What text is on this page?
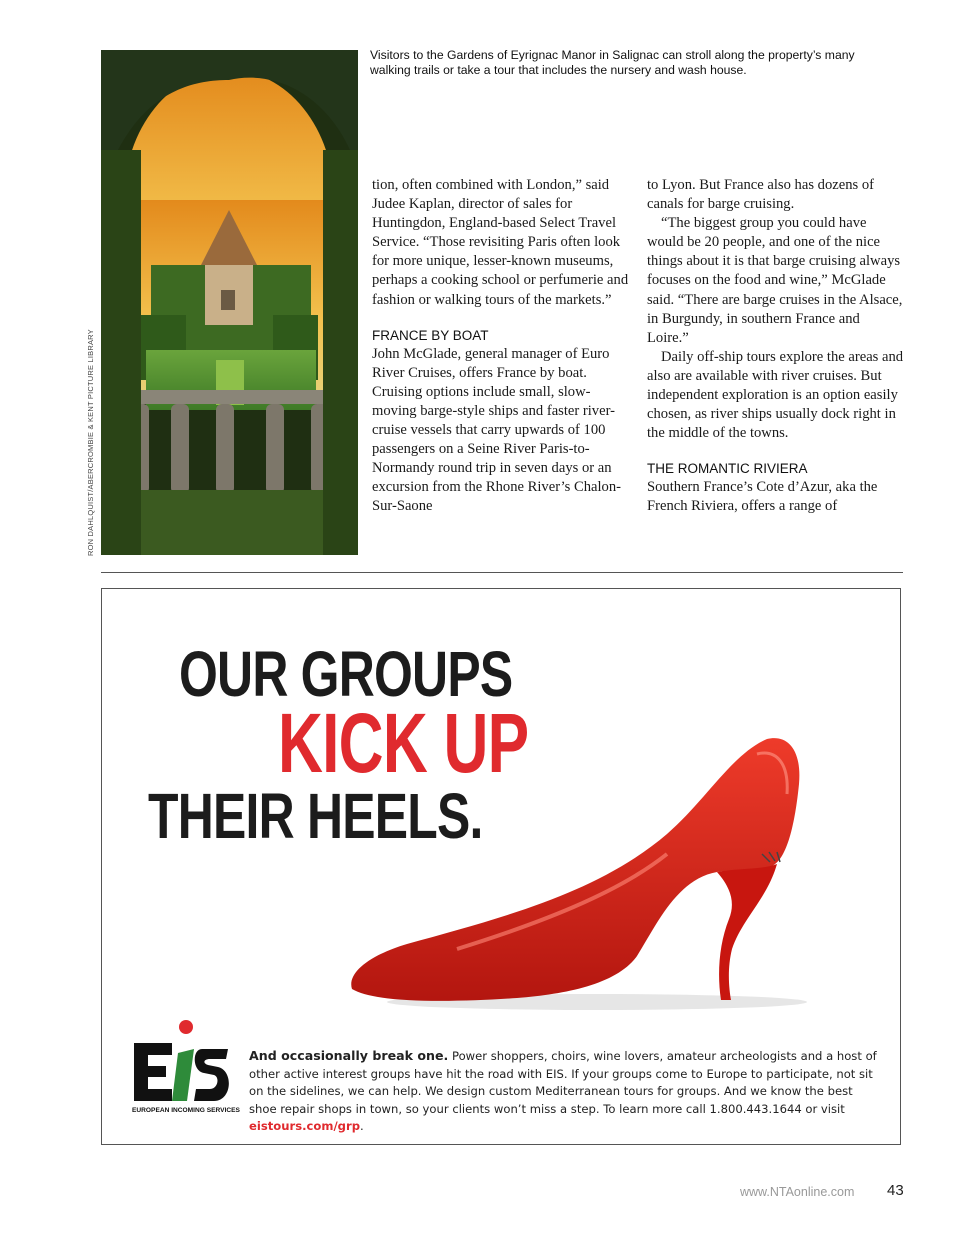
RON DAHLQUIST/ABERCROMBIE & KENT PICTURE LIBRARY
Visitors to the Gardens of Eyrignac Manor in Salignac can stroll along the property’s many walking trails or take a tour that includes the nursery and wash house.

tion, often combined with London,” said Judee Kaplan, director of sales for Huntingdon, England-based Select Travel Service. “Those revisiting Paris often look for more unique, lesser-known museums, perhaps a cooking school or perfumerie and fashion or walking tours of the markets.”

FRANCE BY BOAT

John McGlade, general manager of Euro River Cruises, offers France by boat. Cruising options include small, slow-moving barge-style ships and faster river-cruise vessels that carry upwards of 100 passengers on a Seine River Paris-to-Normandy round trip in seven days or an excursion from the Rhone River’s Chalon-Sur-Saone

to Lyon. But France also has dozens of canals for barge cruising.

“The biggest group you could have would be 20 people, and one of the nice things about it is that barge cruising always focuses on the food and wine,” McGlade said. “There are barge cruises in the Alsace, in Burgundy, in southern France and Loire.”

Daily off-ship tours explore the areas and also are available with river cruises. But independent exploration is an option easily chosen, as river ships usually dock right in the middle of the towns.

THE ROMANTIC RIVIERA

Southern France’s Cote d’Azur, aka the French Riviera, offers a range of

OUR GROUPS
KICK UP
THEIR HEELS.
EUROPEAN INCOMING SERVICES
And occasionally break one. Power shoppers, choirs, wine lovers, amateur archeologists and a host of other active interest groups have hit the road with EIS. If your groups come to Europe to participate, not sit on the sidelines, we can help. We design custom Mediterranean tours for groups. And we know the best shoe repair shops in town, so your clients won’t miss a step. To learn more call 1.800.443.1644 or visit eistours.com/grp.
www.NTAonline.com 43
